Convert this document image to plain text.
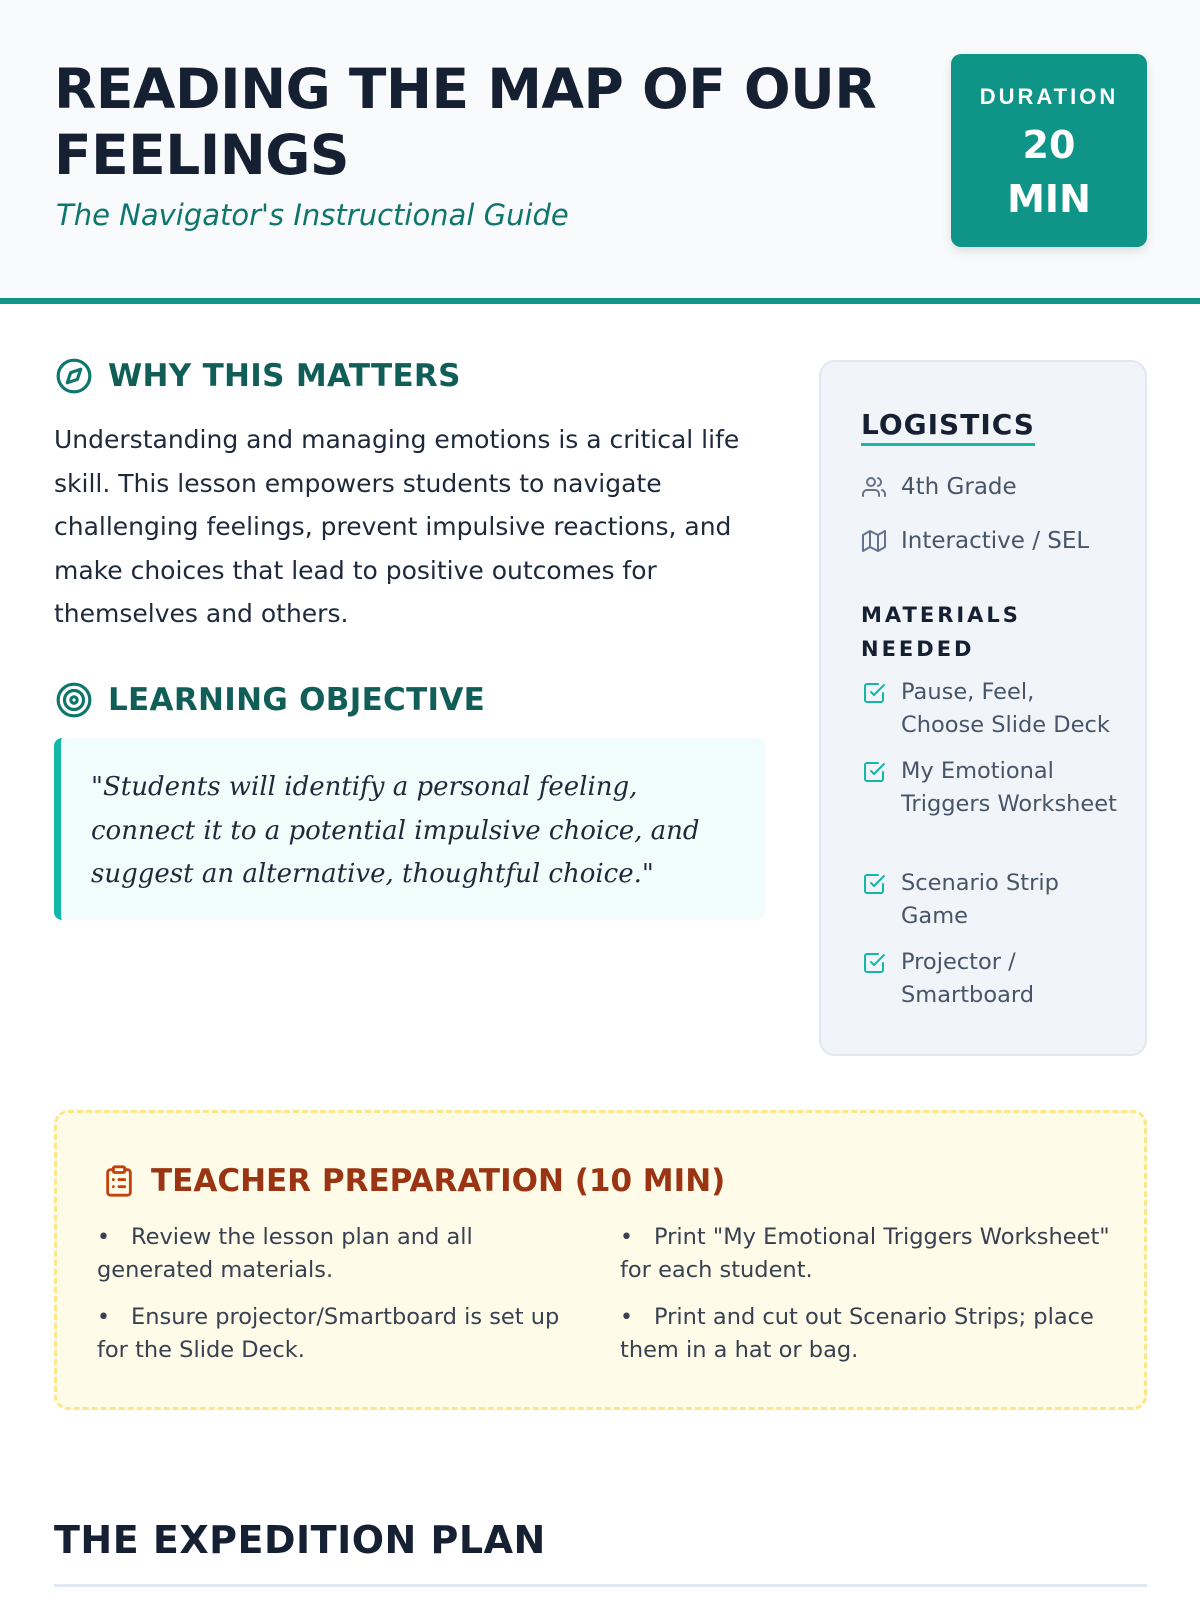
READING THE MAP OF OUR FEELINGS
The Navigator's Instructional Guide
DURATION
20
MIN
WHY THIS MATTERS
Understanding and managing emotions is a critical life skill. This lesson empowers students to navigate challenging feelings, prevent impulsive reactions, and make choices that lead to positive outcomes for themselves and others.
LEARNING OBJECTIVE
"Students will identify a personal feeling, connect it to a potential impulsive choice, and suggest an alternative, thoughtful choice."
LOGISTICS
4th Grade
Interactive / SEL
MATERIALS NEEDED
Pause, Feel, Choose Slide Deck
My Emotional Triggers Worksheet
Scenario Strip Game
Projector / Smartboard
TEACHER PREPARATION (10 MIN)
• Review the lesson plan and all generated materials.
• Print "My Emotional Triggers Worksheet" for each student.
• Ensure projector/Smartboard is set up for the Slide Deck.
• Print and cut out Scenario Strips; place them in a hat or bag.
THE EXPEDITION PLAN
